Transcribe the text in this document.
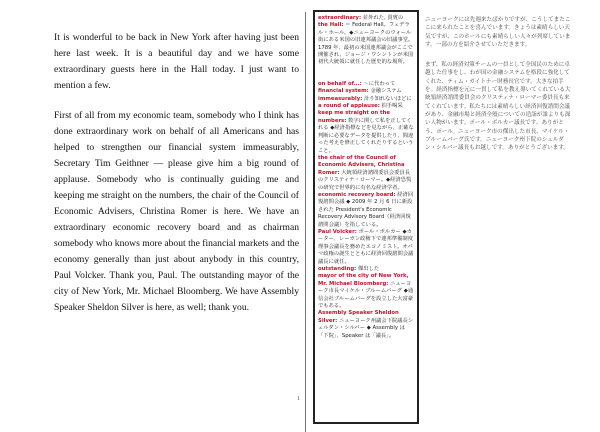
It is wonderful to be back in New York after having just been here last week. It is a beautiful day and we have some extraordinary guests here in the Hall today. I just want to mention a few.

First of all from my economic team, somebody who I think has done extraordinary work on behalf of all Americans and has helped to strengthen our financial system immeasurably, Secretary Tim Geithner — please give him a big round of applause. Somebody who is continually guiding me and keeping me straight on the numbers, the chair of the Council of Economic Advisers, Christina Romer is here. We have an extraordinary economic recovery board and as chairman somebody who knows more about the financial markets and the economy generally than just about anybody in this country, Paul Volcker. Thank you, Paul. The outstanding mayor of the city of New York, Mr. Michael Bloomberg. We have Assembly Speaker Sheldon Silver is here, as well; thank you.

1

extraordinary: 並外れた, 貴賓の

the Hall: ＝ Federal Hall。フェデラル・ホール。◆ニューヨークのウォール街にある米国の旧連邦議会の旧議事堂。1789 年、最初の米国連邦議会がここで開催され、ジョージ・ワシントンが米国初代大統領に就任した歴史的な場所。

on behalf of...: 〜に代わって

financial system: 金融システム

immeasurably: 計り知れないほどに

a round of applause: 拍手喝采

keep me straight on the numbers: 数字に関して私を正してくれる ◆経済指標などを見ながら、正確な判断に必要なデータを提供したり、間違った考えを修正してくれたりするということ。

the chair of the Council of Economic Advisers, Christina Romer: 大統領経済諮問委員会委員長のクリスティナ・ローマー。◆経済恐慌の研究で世界的に有名な経済学者。

economic recovery board: 経済回復諮問会議 ◆ 2009 年 2 月 6 日に新設された President's Economic Recovery Advisory Board（経済回復諮問会議）を指している。

Paul Volcker: ポール・ボルカー ◆カーター、レーガン政権下で連邦準備制度理事会議長を務めたエコノミスト。オバマ政権の誕生とともに経済回復諮問会議議長に就任。

outstanding: 傑出した

mayor of the city of New York, Mr. Michael Bloomberg: ニューヨーク市長マイケル・ブルームバーグ ◆通信会社ブルームバーグを設立した大富豪でもある。

Assembly Speaker Sheldon Silver: ニューヨーク州議会下院議長シェルダン・シルバー ◆ Assembly は「下院」、Speaker は「議長」。

ニューヨークには先週来たばかりですが、こうしてまたここに来られたことを喜んでいます。きょうは素晴らしい天気ですが、このホールにも素晴らしい人々が列席しています。一部の方を紹介させていただきます。

まず、私の経済対策チームの一員として全国民のために卓越した仕事をし、わが国の金融システムを格段に強化してくれた、ティム・ガイトナー財務長官です。大きな拍手を。経済指標を元に一貫して私を教え導いてくれている大統領経済諮問委員会のクリスティナ・ローマー委員長も来てくれています。私たちには素晴らしい経済回復諮問会議があり、金融市場と経済全般についての造詣が誰よりも深い人物がいます。ポール・ボルカー議長です。ありがとう、ポール。ニューヨーク市の傑出した市長、マイケル・ブルームバーグ氏です。ニューヨーク州下院のシェルダン・シルバー議長もお越しです。ありがとうございます。
